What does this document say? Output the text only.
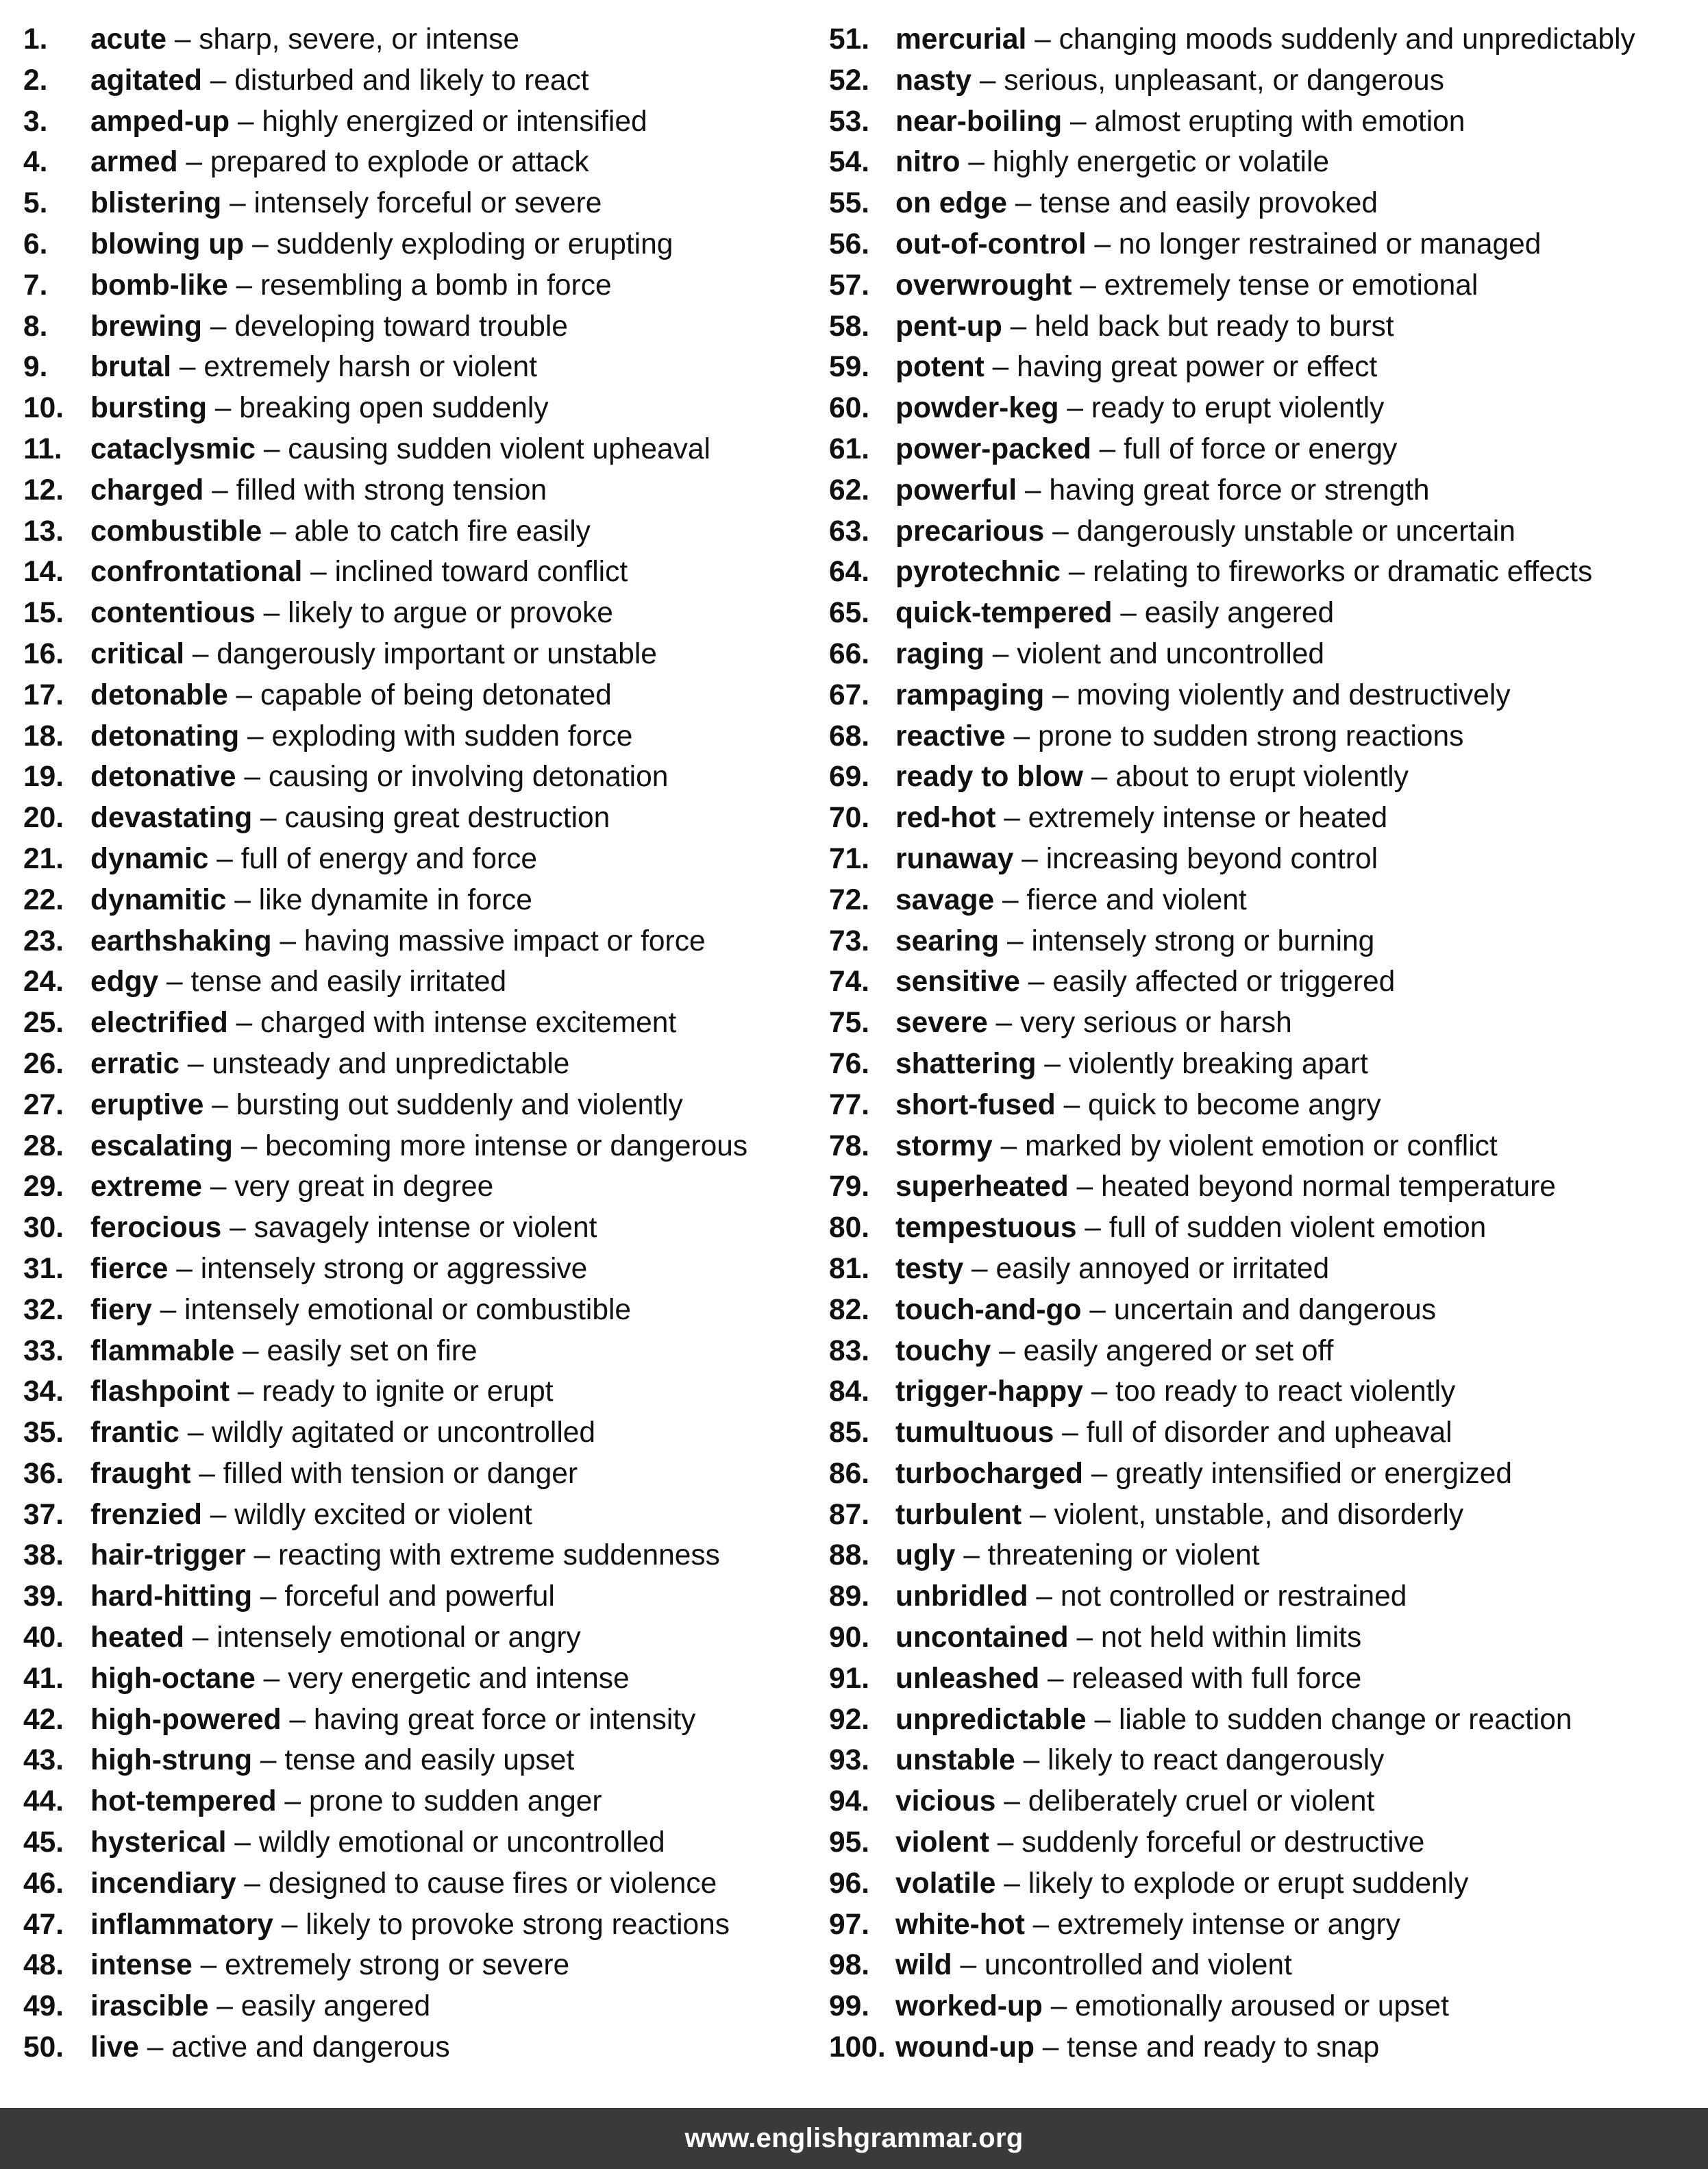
1. acute – sharp, severe, or intense
2. agitated – disturbed and likely to react
3. amped-up – highly energized or intensified
4. armed – prepared to explode or attack
5. blistering – intensely forceful or severe
6. blowing up – suddenly exploding or erupting
7. bomb-like – resembling a bomb in force
8. brewing – developing toward trouble
9. brutal – extremely harsh or violent
10. bursting – breaking open suddenly
11. cataclysmic – causing sudden violent upheaval
12. charged – filled with strong tension
13. combustible – able to catch fire easily
14. confrontational – inclined toward conflict
15. contentious – likely to argue or provoke
16. critical – dangerously important or unstable
17. detonable – capable of being detonated
18. detonating – exploding with sudden force
19. detonative – causing or involving detonation
20. devastating – causing great destruction
21. dynamic – full of energy and force
22. dynamitic – like dynamite in force
23. earthshaking – having massive impact or force
24. edgy – tense and easily irritated
25. electrified – charged with intense excitement
26. erratic – unsteady and unpredictable
27. eruptive – bursting out suddenly and violently
28. escalating – becoming more intense or dangerous
29. extreme – very great in degree
30. ferocious – savagely intense or violent
31. fierce – intensely strong or aggressive
32. fiery – intensely emotional or combustible
33. flammable – easily set on fire
34. flashpoint – ready to ignite or erupt
35. frantic – wildly agitated or uncontrolled
36. fraught – filled with tension or danger
37. frenzied – wildly excited or violent
38. hair-trigger – reacting with extreme suddenness
39. hard-hitting – forceful and powerful
40. heated – intensely emotional or angry
41. high-octane – very energetic and intense
42. high-powered – having great force or intensity
43. high-strung – tense and easily upset
44. hot-tempered – prone to sudden anger
45. hysterical – wildly emotional or uncontrolled
46. incendiary – designed to cause fires or violence
47. inflammatory – likely to provoke strong reactions
48. intense – extremely strong or severe
49. irascible – easily angered
50. live – active and dangerous
51. mercurial – changing moods suddenly and unpredictably
52. nasty – serious, unpleasant, or dangerous
53. near-boiling – almost erupting with emotion
54. nitro – highly energetic or volatile
55. on edge – tense and easily provoked
56. out-of-control – no longer restrained or managed
57. overwrought – extremely tense or emotional
58. pent-up – held back but ready to burst
59. potent – having great power or effect
60. powder-keg – ready to erupt violently
61. power-packed – full of force or energy
62. powerful – having great force or strength
63. precarious – dangerously unstable or uncertain
64. pyrotechnic – relating to fireworks or dramatic effects
65. quick-tempered – easily angered
66. raging – violent and uncontrolled
67. rampaging – moving violently and destructively
68. reactive – prone to sudden strong reactions
69. ready to blow – about to erupt violently
70. red-hot – extremely intense or heated
71. runaway – increasing beyond control
72. savage – fierce and violent
73. searing – intensely strong or burning
74. sensitive – easily affected or triggered
75. severe – very serious or harsh
76. shattering – violently breaking apart
77. short-fused – quick to become angry
78. stormy – marked by violent emotion or conflict
79. superheated – heated beyond normal temperature
80. tempestuous – full of sudden violent emotion
81. testy – easily annoyed or irritated
82. touch-and-go – uncertain and dangerous
83. touchy – easily angered or set off
84. trigger-happy – too ready to react violently
85. tumultuous – full of disorder and upheaval
86. turbocharged – greatly intensified or energized
87. turbulent – violent, unstable, and disorderly
88. ugly – threatening or violent
89. unbridled – not controlled or restrained
90. uncontained – not held within limits
91. unleashed – released with full force
92. unpredictable – liable to sudden change or reaction
93. unstable – likely to react dangerously
94. vicious – deliberately cruel or violent
95. violent – suddenly forceful or destructive
96. volatile – likely to explode or erupt suddenly
97. white-hot – extremely intense or angry
98. wild – uncontrolled and violent
99. worked-up – emotionally aroused or upset
100. wound-up – tense and ready to snap
www.englishgrammar.org
